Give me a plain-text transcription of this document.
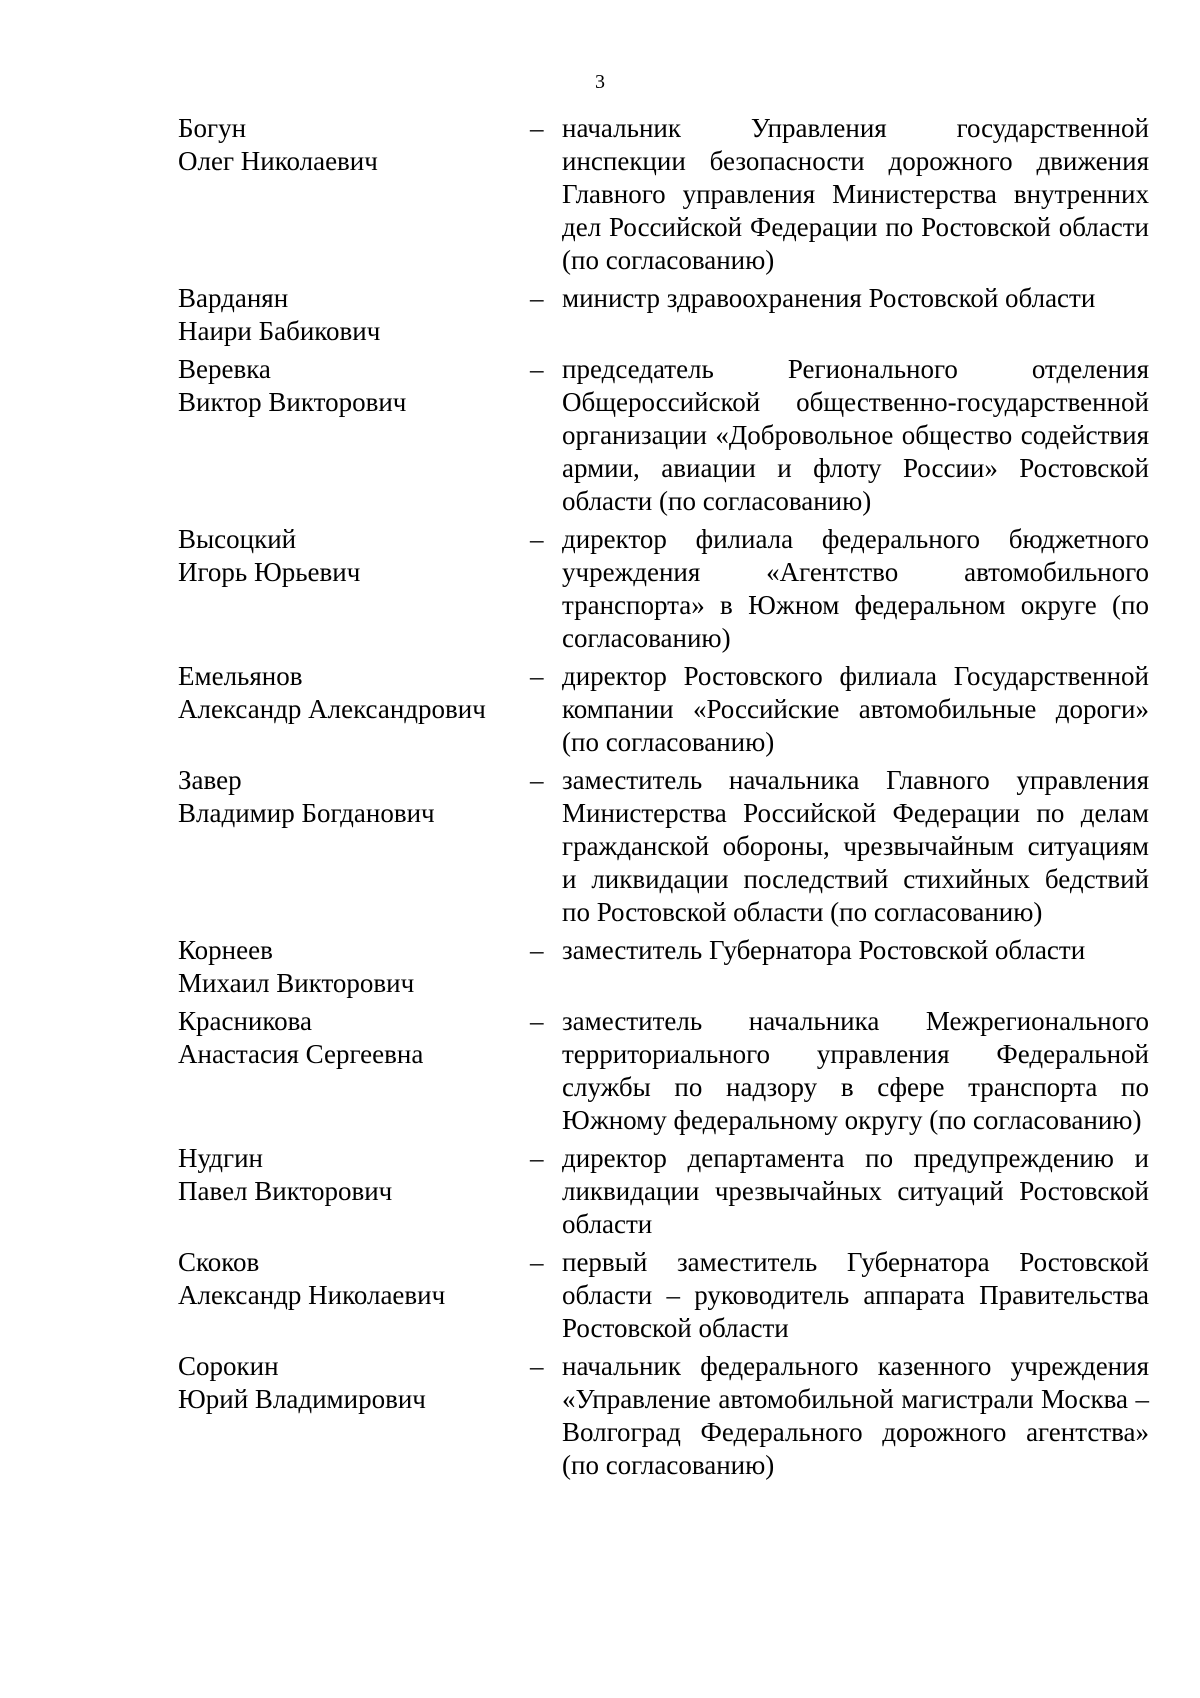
3
Богун
Олег Николаевич
– начальник Управления государственной инспекции безопасности дорожного движения Главного управления Министерства внутренних дел Российской Федерации по Ростовской области (по согласованию)
Варданян
Наири Бабикович
– министр здравоохранения Ростовской области
Веревка
Виктор Викторович
– председатель Регионального отделения Общероссийской общественно-государственной организации «Добровольное общество содействия армии, авиации и флоту России» Ростовской области (по согласованию)
Высоцкий
Игорь Юрьевич
– директор филиала федерального бюджетного учреждения «Агентство автомобильного транспорта» в Южном федеральном округе (по согласованию)
Емельянов
Александр Александрович
– директор Ростовского филиала Государственной компании «Российские автомобильные дороги» (по согласованию)
Завер
Владимир Богданович
– заместитель начальника Главного управления Министерства Российской Федерации по делам гражданской обороны, чрезвычайным ситуациям и ликвидации последствий стихийных бедствий по Ростовской области (по согласованию)
Корнеев
Михаил Викторович
– заместитель Губернатора Ростовской области
Красникова
Анастасия Сергеевна
– заместитель начальника Межрегионального территориального управления Федеральной службы по надзору в сфере транспорта по Южному федеральному округу (по согласованию)
Нудгин
Павел Викторович
– директор департамента по предупреждению и ликвидации чрезвычайных ситуаций Ростовской области
Скоков
Александр Николаевич
– первый заместитель Губернатора Ростовской области – руководитель аппарата Правительства Ростовской области
Сорокин
Юрий Владимирович
– начальник федерального казенного учреждения «Управление автомобильной магистрали Москва – Волгоград Федерального дорожного агентства» (по согласованию)
